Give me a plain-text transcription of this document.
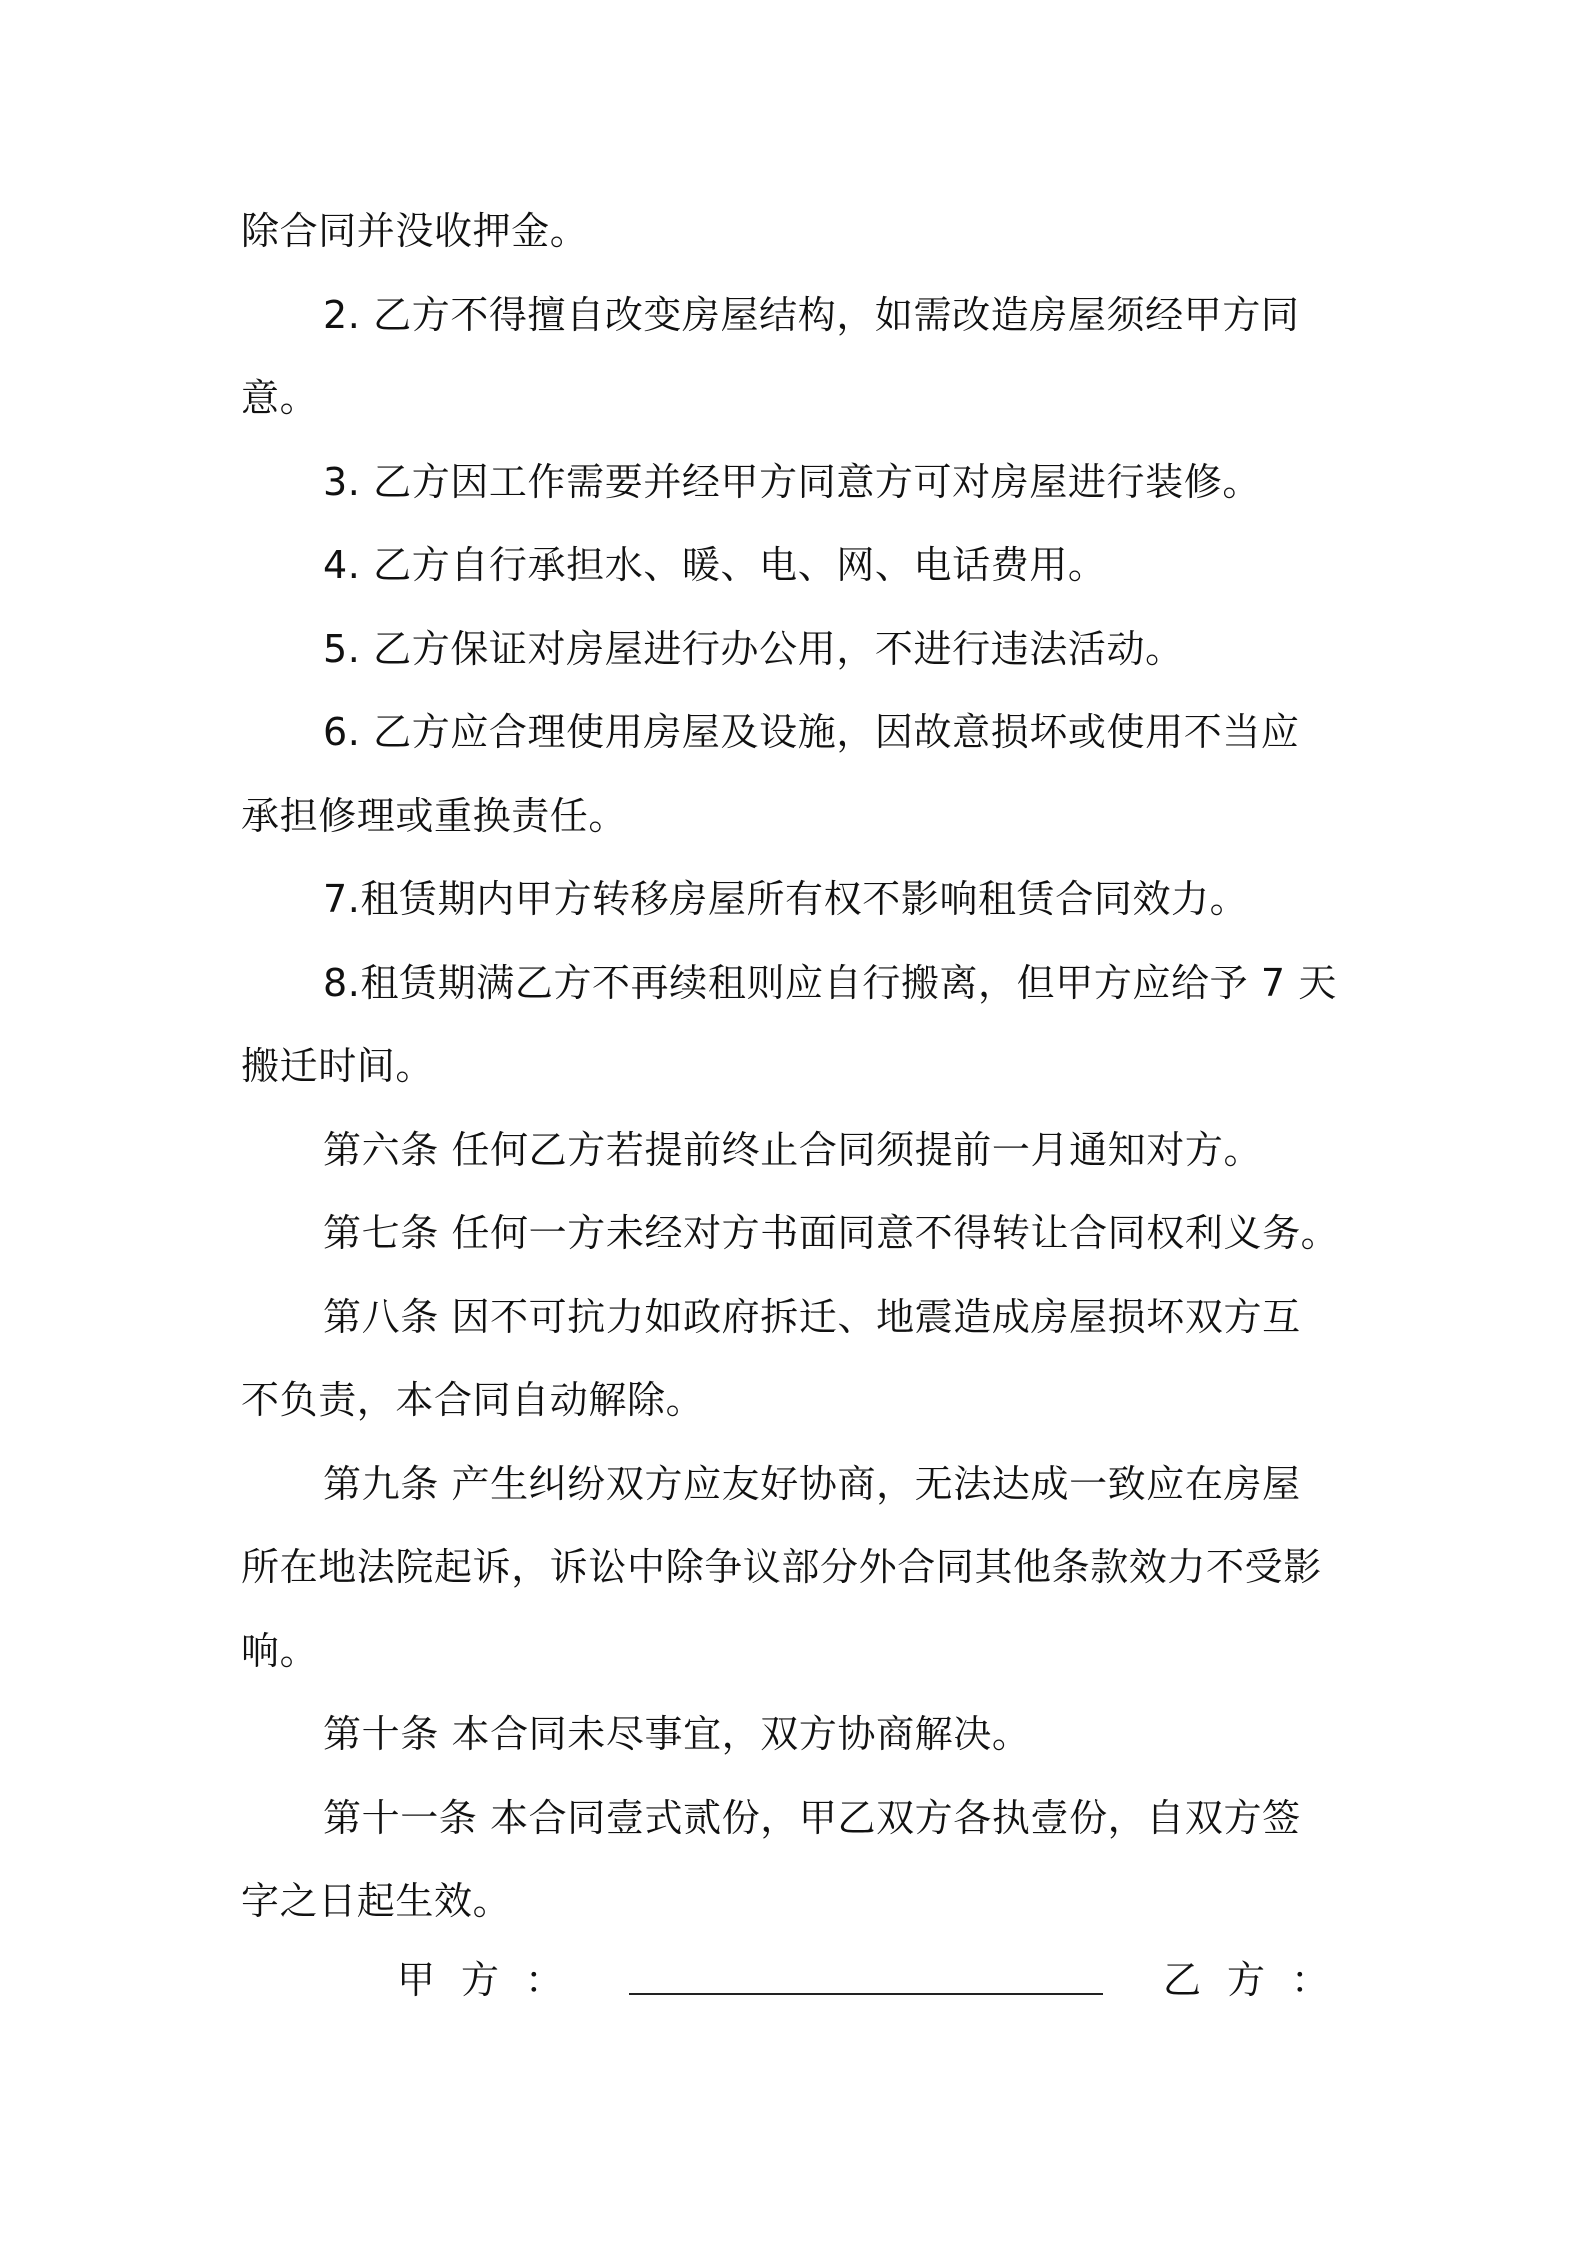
除合同并没收押金。
2. 乙方不得擅自改变房屋结构，如需改造房屋须经甲方同
意。
3. 乙方因工作需要并经甲方同意方可对房屋进行装修。
4. 乙方自行承担水、暖、电、网、电话费用。
5. 乙方保证对房屋进行办公用，不进行违法活动。
6. 乙方应合理使用房屋及设施，因故意损坏或使用不当应
承担修理或重换责任。
7.租赁期内甲方转移房屋所有权不影响租赁合同效力。
8.租赁期满乙方不再续租则应自行搬离，但甲方应给予 7 天
搬迁时间。
第六条 任何乙方若提前终止合同须提前一月通知对方。
第七条 任何一方未经对方书面同意不得转让合同权利义务。
第八条 因不可抗力如政府拆迁、地震造成房屋损坏双方互
不负责，本合同自动解除。
第九条 产生纠纷双方应友好协商，无法达成一致应在房屋
所在地法院起诉，诉讼中除争议部分外合同其他条款效力不受影
响。
第十条 本合同未尽事宜，双方协商解决。
第十一条 本合同壹式贰份，甲乙双方各执壹份，自双方签
字之日起生效。
甲方：	乙方：
